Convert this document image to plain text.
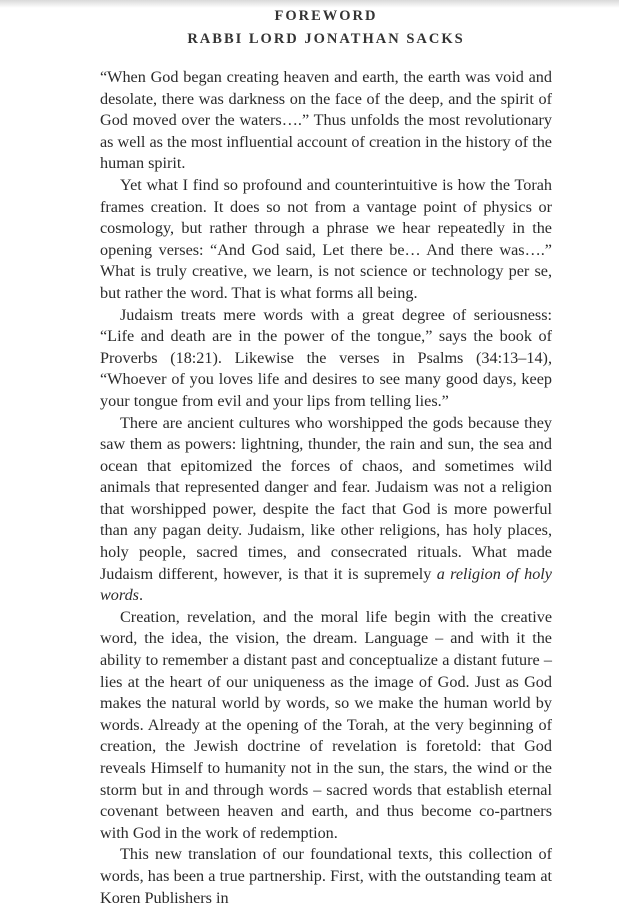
FOREWORD
RABBI LORD JONATHAN SACKS

“When God began creating heaven and earth, the earth was void and desolate, there was darkness on the face of the deep, and the spirit of God moved over the waters….” Thus unfolds the most revolutionary as well as the most influential account of creation in the history of the human spirit.

Yet what I find so profound and counterintuitive is how the Torah frames creation. It does so not from a vantage point of physics or cosmology, but rather through a phrase we hear repeatedly in the opening verses: “And God said, Let there be… And there was….” What is truly creative, we learn, is not science or technology per se, but rather the word. That is what forms all being.

Judaism treats mere words with a great degree of seriousness: “Life and death are in the power of the tongue,” says the book of Proverbs (18:21). Likewise the verses in Psalms (34:13–14), “Whoever of you loves life and desires to see many good days, keep your tongue from evil and your lips from telling lies.”

There are ancient cultures who worshipped the gods because they saw them as powers: lightning, thunder, the rain and sun, the sea and ocean that epitomized the forces of chaos, and sometimes wild animals that represented danger and fear. Judaism was not a religion that worshipped power, despite the fact that God is more powerful than any pagan deity. Judaism, like other religions, has holy places, holy people, sacred times, and consecrated rituals. What made Judaism different, however, is that it is supremely a religion of holy words.

Creation, revelation, and the moral life begin with the creative word, the idea, the vision, the dream. Language – and with it the ability to remember a distant past and conceptualize a distant future – lies at the heart of our uniqueness as the image of God. Just as God makes the natural world by words, so we make the human world by words. Already at the opening of the Torah, at the very beginning of creation, the Jewish doctrine of revelation is foretold: that God reveals Himself to humanity not in the sun, the stars, the wind or the storm but in and through words – sacred words that establish eternal covenant between heaven and earth, and thus become co-partners with God in the work of redemption.

This new translation of our foundational texts, this collection of words, has been a true partnership. First, with the outstanding team at Koren Publishers in
